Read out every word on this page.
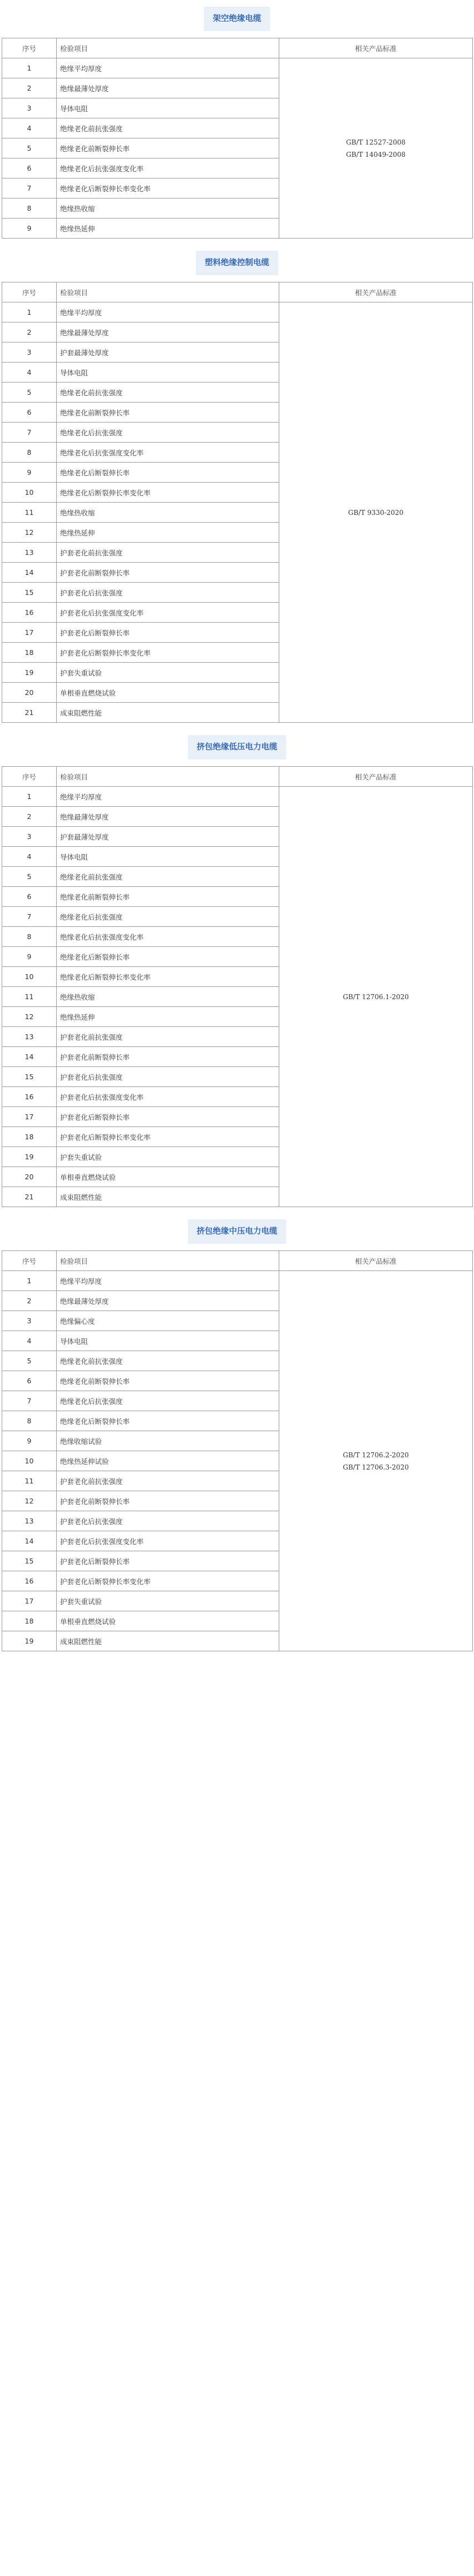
架空绝缘电缆
序号	检验项目	相关产品标准
1	绝缘平均厚度	GB/T 12527-2008
GB/T 14049-2008

2	绝缘最薄处厚度	
3	导体电阻	
4	绝缘老化前抗张强度	
5	绝缘老化前断裂伸长率	
6	绝缘老化后抗张强度变化率	
7	绝缘老化后断裂伸长率变化率	
8	绝缘热收缩	
9	绝缘热延伸	
塑料绝缘控制电缆
序号	检验项目	相关产品标准
1	绝缘平均厚度	GB/T 9330-2020

2	绝缘最薄处厚度	
3	护套最薄处厚度	
4	导体电阻	
5	绝缘老化前抗张强度	
6	绝缘老化前断裂伸长率	
7	绝缘老化后抗张强度	
8	绝缘老化后抗张强度变化率	
9	绝缘老化后断裂伸长率	
10	绝缘老化后断裂伸长率变化率	
11	绝缘热收缩	
12	绝缘热延伸	
13	护套老化前抗张强度	
14	护套老化前断裂伸长率	
15	护套老化后抗张强度	
16	护套老化后抗张强度变化率	
17	护套老化后断裂伸长率	
18	护套老化后断裂伸长率变化率	
19	护套失重试验	
20	单根垂直燃烧试验	
21	成束阻燃性能	
挤包绝缘低压电力电缆
序号	检验项目	相关产品标准
1	绝缘平均厚度	GB/T 12706.1-2020

2	绝缘最薄处厚度	
3	护套最薄处厚度	
4	导体电阻	
5	绝缘老化前抗张强度	
6	绝缘老化前断裂伸长率	
7	绝缘老化后抗张强度	
8	绝缘老化后抗张强度变化率	
9	绝缘老化后断裂伸长率	
10	绝缘老化后断裂伸长率变化率	
11	绝缘热收缩	
12	绝缘热延伸	
13	护套老化前抗张强度	
14	护套老化前断裂伸长率	
15	护套老化后抗张强度	
16	护套老化后抗张强度变化率	
17	护套老化后断裂伸长率	
18	护套老化后断裂伸长率变化率	
19	护套失重试验	
20	单根垂直燃烧试验	
21	成束阻燃性能	
挤包绝缘中压电力电缆
序号	检验项目	相关产品标准
1	绝缘平均厚度	GB/T 12706.2-2020
GB/T 12706.3-2020

2	绝缘最薄处厚度	
3	绝缘偏心度	
4	导体电阻	
5	绝缘老化前抗张强度	
6	绝缘老化前断裂伸长率	
7	绝缘老化后抗张强度	
8	绝缘老化后断裂伸长率	
9	绝缘收缩试验	
10	绝缘热延伸试验	
11	护套老化前抗张强度	
12	护套老化前断裂伸长率	
13	护套老化后抗张强度	
14	护套老化后抗张强度变化率	
15	护套老化后断裂伸长率	
16	护套老化后断裂伸长率变化率	
17	护套失重试验	
18	单根垂直燃烧试验	
19	成束阻燃性能	
